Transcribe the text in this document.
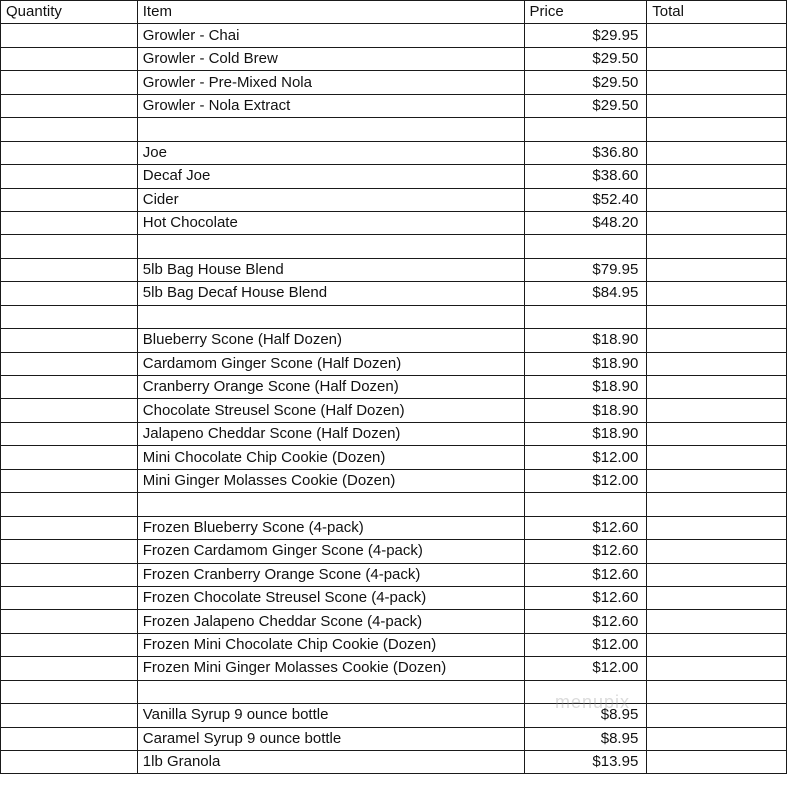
Quantity	Item	Price	Total
	Growler - Chai	$29.95	
	Growler - Cold Brew	$29.50	
	Growler - Pre-Mixed Nola	$29.50	
	Growler - Nola Extract	$29.50	

	Joe	$36.80	
	Decaf Joe	$38.60	
	Cider	$52.40	
	Hot Chocolate	$48.20	

	5lb Bag House Blend	$79.95	
	5lb Bag Decaf House Blend	$84.95	

	Blueberry Scone (Half Dozen)	$18.90	
	Cardamom Ginger Scone (Half Dozen)	$18.90	
	Cranberry Orange Scone (Half Dozen)	$18.90	
	Chocolate Streusel Scone (Half Dozen)	$18.90	
	Jalapeno Cheddar Scone (Half Dozen)	$18.90	
	Mini Chocolate Chip Cookie (Dozen)	$12.00	
	Mini Ginger Molasses Cookie (Dozen)	$12.00	

	Frozen Blueberry Scone (4-pack)	$12.60	
	Frozen Cardamom Ginger Scone (4-pack)	$12.60	
	Frozen Cranberry Orange Scone (4-pack)	$12.60	
	Frozen Chocolate Streusel Scone (4-pack)	$12.60	
	Frozen Jalapeno Cheddar Scone (4-pack)	$12.60	
	Frozen Mini Chocolate Chip Cookie (Dozen)	$12.00	
	Frozen Mini Ginger Molasses Cookie (Dozen)	$12.00	

	Vanilla Syrup 9 ounce bottle	$8.95	
	Caramel Syrup 9 ounce bottle	$8.95	
	1lb Granola	$13.95	
menupix
